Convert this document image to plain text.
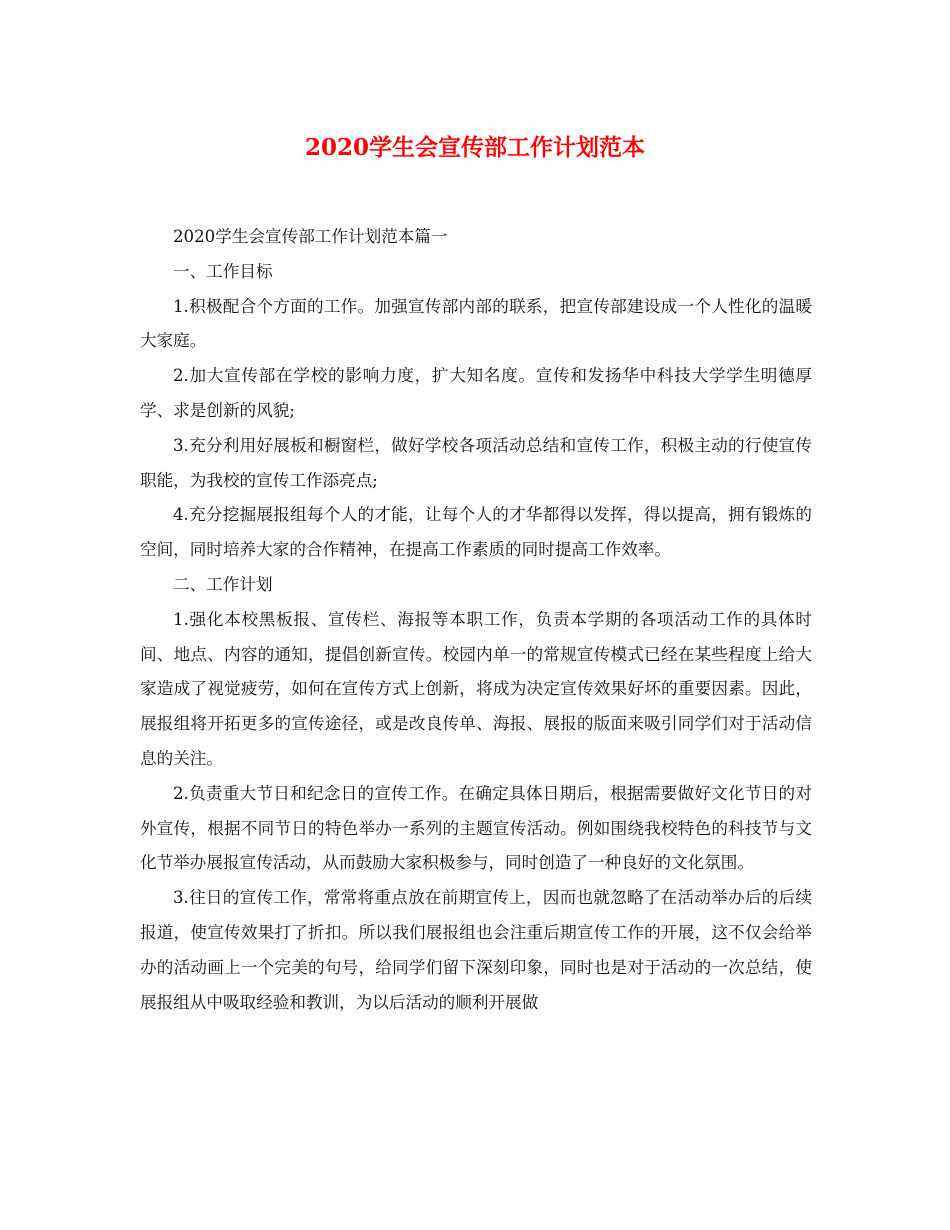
2020学生会宣传部工作计划范本

2020学生会宣传部工作计划范本篇一

一、工作目标

1.积极配合个方面的工作。加强宣传部内部的联系，把宣传部建设成一个人性化的温暖大家庭。

2.加大宣传部在学校的影响力度，扩大知名度。宣传和发扬华中科技大学学生明德厚学、求是创新的风貌;

3.充分利用好展板和橱窗栏，做好学校各项活动总结和宣传工作，积极主动的行使宣传职能，为我校的宣传工作添亮点;

4.充分挖掘展报组每个人的才能，让每个人的才华都得以发挥，得以提高，拥有锻炼的空间，同时培养大家的合作精神，在提高工作素质的同时提高工作效率。

二、工作计划

1.强化本校黑板报、宣传栏、海报等本职工作，负责本学期的各项活动工作的具体时间、地点、内容的通知，提倡创新宣传。校园内单一的常规宣传模式已经在某些程度上给大家造成了视觉疲劳，如何在宣传方式上创新，将成为决定宣传效果好坏的重要因素。因此，展报组将开拓更多的宣传途径，或是改良传单、海报、展报的版面来吸引同学们对于活动信息的关注。

2.负责重大节日和纪念日的宣传工作。在确定具体日期后，根据需要做好文化节日的对外宣传，根据不同节日的特色举办一系列的主题宣传活动。例如围绕我校特色的科技节与文化节举办展报宣传活动，从而鼓励大家积极参与，同时创造了一种良好的文化氛围。

3.往日的宣传工作，常常将重点放在前期宣传上，因而也就忽略了在活动举办后的后续报道，使宣传效果打了折扣。所以我们展报组也会注重后期宣传工作的开展，这不仅会给举办的活动画上一个完美的句号，给同学们留下深刻印象，同时也是对于活动的一次总结，使展报组从中吸取经验和教训，为以后活动的顺利开展做
